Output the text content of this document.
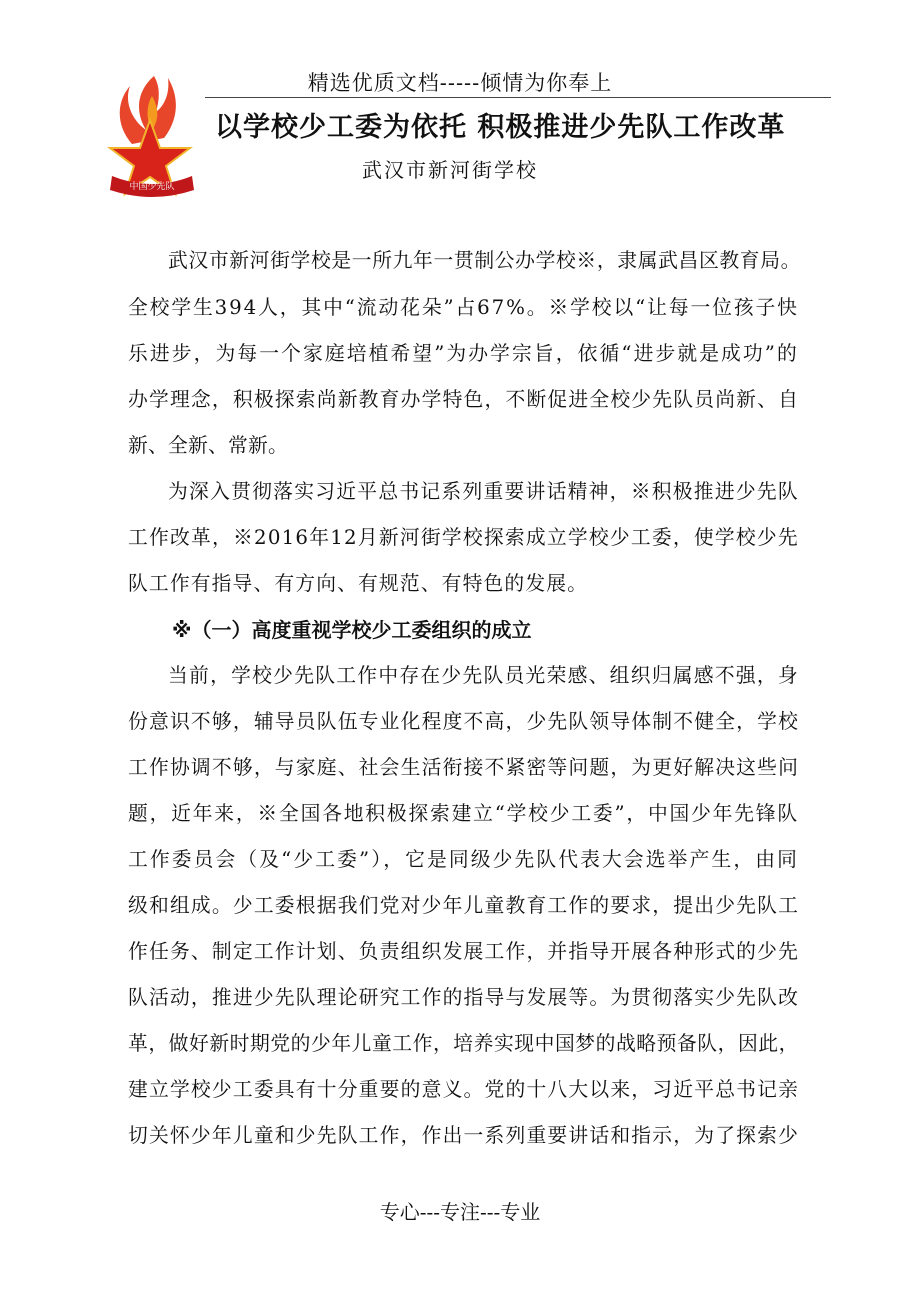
精选优质文档-----倾情为你奉上
中国少先队
以学校少工委为依托 积极推进少先队工作改革
武汉市新河街学校
武汉市新河街学校是一所九年一贯制公办学校※，隶属武昌区教育局。
全校学生394人，其中“流动花朵”占67%。※学校以“让每一位孩子快
乐进步，为每一个家庭培植希望”为办学宗旨，依循“进步就是成功”的
办学理念，积极探索尚新教育办学特色，不断促进全校少先队员尚新、自
新、全新、常新。
为深入贯彻落实习近平总书记系列重要讲话精神，※积极推进少先队
工作改革，※2016年12月新河街学校探索成立学校少工委，使学校少先
队工作有指导、有方向、有规范、有特色的发展。
当前，学校少先队工作中存在少先队员光荣感、组织归属感不强，身
份意识不够，辅导员队伍专业化程度不高，少先队领导体制不健全，学校
工作协调不够，与家庭、社会生活衔接不紧密等问题，为更好解决这些问
题，近年来，※全国各地积极探索建立“学校少工委”，中国少年先锋队
工作委员会（及“少工委”），它是同级少先队代表大会选举产生，由同
级和组成。少工委根据我们党对少年儿童教育工作的要求，提出少先队工
作任务、制定工作计划、负责组织发展工作，并指导开展各种形式的少先
队活动，推进少先队理论研究工作的指导与发展等。为贯彻落实少先队改
革，做好新时期党的少年儿童工作，培养实现中国梦的战略预备队，因此，
建立学校少工委具有十分重要的意义。党的十八大以来，习近平总书记亲
切关怀少年儿童和少先队工作，作出一系列重要讲话和指示，为了探索少
※（一）高度重视学校少工委组织的成立
专心---专注---专业
